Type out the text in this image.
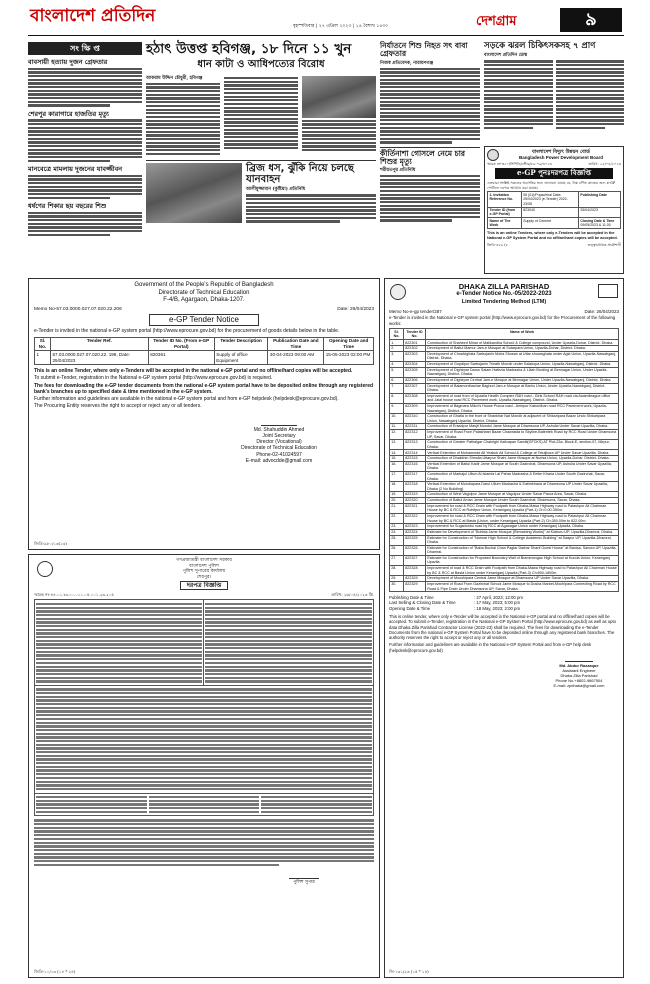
বাংলাদেশ প্রতিদিন
বৃহস্পতিবার | ২৭ এপ্রিল ২০২৩ | ১৪ বৈশাখ ১৪৩০	দেশগ্রাম	৯
সং ক্ষি প্ত
বাবসায়ী হত্যায় দুজন গ্রেফতার
শেরপুর কারাগারে হাজতির মৃত্যু
মানবেত্রে মামলায় দুজনের যাবজ্জীবন
ধর্ষণের শিকার ছয় বছরের শিশু
হঠাৎ উত্তপ্ত হবিগঞ্জ, ১৮ দিনে ১১ খুন
ধান কাটা ও আধিপত্যের বিরোধ
আকরাম উদ্দিন চৌধুরী, হবিগঞ্জ
ব্রিজ ধস, ঝুঁকি নিয়ে চলছে যানবাহন
আলীমুজ্জামান (কুষ্টিয়া) প্রতিনিধি
নির্যাতনে শিশু নিহত সৎ বাবা গ্রেফতার
নিজস্ব প্রতিবেদক, নারায়ণগঞ্জ
কীর্তিনাশা গোসলে নেমে চার শিশুর মৃত্যু
শরীয়তপুর প্রতিনিধি
সড়কে ঝরল চিকিৎসকসহ ৭ প্রাণ
বাংলাদেশ প্রতিদিন ডেস্ক
বাংলাদেশ বিদ্যুৎ উন্নয়ন বোর্ড
Bangladesh Power Development Board
স্মারক নং-৩২০/সিপিডি/স্টোর/৮৯-০৯/৩০২৩	তারিখ: ২৫/০৪/২০২৩
e-GP পুনঃদরপত্র বিজ্ঞপ্তি
এতদ্বারা সংশ্লিষ্ট সকলের অবগতির জন্য জানানো যাচ্ছে যে, নিম্ন বর্ণিত কাজের জন্য e-GP পোর্টালে দরপত্র আহ্বান করা যাচ্ছে।
1. Invitation Reference No.	08 (01)/Pupachha/ Date: 25/04/2023 (e-Tender) 2022-23/08	Publishing Date
Tender ID (from e-GP Portal)	823040	25/04/2023
Name of The Work	Supply of Cement	Closing Date & Time 09/05/2023 & 11.00
This is an online Tenders, where only e-Tenders will be accepted in the National e-GP System Portal and no offline/hard copies will be accepted.
জিডি-৪৮৯ (৮	তত্ত্বাবধায়ক প্রকৌশলী
Government of the People's Republic of Bangladesh
Directorate of Technical Education
F-4/B, Agargaon, Dhaka-1207.
Memo No-57.03.0000.027.07.020.22.206	Date: 26/04/2023
e-GP Tender Notice
e-Tender is invited in the national e-GP system portal (http://www.eprocure.gov.bd) for the procurement of goods details below in the table.
Sl. No.	Tender Ref.	Tender ID No. (From e-GP Portal)	Tender Description	Publication Date and Time	Opening Date and Time
1	57.03.0000.027.07.020.22. 199, Date: 25/04/2023	820361	Supply of office Equipment	30-04-2023 09:00 AM	15-05-2023 02:00 PM
This is an online Tender, where only e-Tenders will be accepted in the national e-GP portal and no offline/hard copies will be accepted.
To submit e-Tender, registration in the National e-GP system portal (http://www.eprocure.gov.bd) is required.
The fees for downloading the e-GP tender documents from the national e-GP system portal have to be deposited online through any registered bank's branches up to specified date & time mentioned in the e-GP system.
Further information and guidelines are available in the national e-GP system portal and from e-GP helpdesk (helpdesk@eprocure.gov.bd).
The Procuring Entity reserves the right to accept or reject any or all tenders.
Md. Shahuddin Ahmed
Joint Secretary
Director (Vocational)
Directorate of Technical Education
Phone-02-41024597
E-mail: advocdde@gmail.com
জিডি-৯৮০/১৩(১৩)
গণপ্রজাতন্ত্রী বাংলাদেশ সরকার
বাংলাদেশ পুলিশ
পুলিশ সুপারের কার্যালয়
শেরপুর।
দরপত্র বিজ্ঞপ্তি
স্মারক নং-৪৪.০১.৮৯০০.০১১.০৫.০০১.২৩.২০৫	তারিখ: ২৬/০৪/২০২৩ খ্রি.
পুলিশ সুপার
জিডি-১০/১৩ (১৪ * ২৪)
DHAKA ZILLA PARISHAD
e-Tender Notice No.-05/2022-2023
Limited Tendering Method (LTM)
Memo No-e-gp tender/287	Date: 26/04/2023
e-Tender is invited in the National e-GP system portal (http://www.eprocure.gov.bd) for the Procurement of the following works:
Sl. No.	Tender ID No.	Name of Work
1.	822301	Construction of Shaheed Minar of Malikandha School & College compound, Under Upazila-Dohar, District- Dhaka.
2.	822302	Development of Baitul Mamur Jam-e Mosque at Sutarpara Union, Upazila-Dohar, District- Dhaka.
3.	822303	Development of Chowkighata Sarbojanin Moha Shosan at Uttar showaghata under Agla Union, Upazila-Nawabganj, District- Dhaka.
4.	822304	Development of Gopalpur Sarbojanin Trinath Mondir under Kalakopa Union, Upazila-Nawabganj, District- Dhaka.
5.	822305	Development of Dighirpar Darus Salam Hafezia Madrasha & Lillah Bording at Bennagar Union, Under Upazila-Nawabganj, District- Dhaka.
6.	822306	Development of Dighirpar Central Jam-e Mosque at Bennagar Union, Under Upazila-Nawabganj, District- Dhaka.
7.	822307	Development of Balamonthachar Baghuri Jam-e Mosque at Barhu Union, Under Upazila-Nawabganj, District- Dhaka.
8.	822308	Improvement of road from of Upazila Health Complex R&H road - Girls School R&H road via Awamileague office and Jalal house road RCC Pavement work, Upazila-Nawabganj, District- Dhaka.
9.	822309	Improvement of Bagmara Milon's House Pucca road - Amirpur Kabordhan road RCC Pavement work, Upazila-Nawabganj, District- Dhaka.
10.	822310	Construction of Ghatla in the front of Shankhar Nat Mondir at adjacent of Shikaripara Bazar Undo Shikaripara Union, Nawabganj Upazila, District- Dhaka.
11.	822311	Construction of Ersadpur Masjit Mondol Jame Mosque at Dhamsona UP, Ashulia Under Savar Upazilla, Dhaka.
12.	822312	Improvement of Road From Palashbari Bazar Chawrasta to Skyline-Batentek Road by RCC Road Under Dhamsona UP, Savar, Dhaka.
13.	822313	Construction of Greater Pathalgar Chakrighi Kalivapan Samiti(GFCKS) AT Plot-23a, Block-E, section-07, Mirpur, Dhaka.
14.	822314	Vertical Extention of Mohammad Ali Yeakub Ali School & College at Tetuljhora UP Under Savar Upazilla, Dhaka.
15.	822315	Construction of Dhakkhin Simulia Uttarpur Shahi Jame Mosque at Nurisa Union, Upazila-Dohar, District- Dhaka.
16.	822316	Vertical Extention of Baitul Kadir Jame Mosque at South Gazirchat, Dhamsona UP, Ashulia Under Savar Upazilla, Dhaka.
17.	822317	Construction of Markajul Ullum Al Islamia Lal Pahar Madrasha & Eetim Khana Under South Gazirchat, Savar, Dhaka.
18.	822318	Vertical Extention of Mundiapara Darul Ullum Madrasha & Eatimkhana at Dhamsona UP Under Savar Upazilla, Dhaka (2 No Building).
19.	822319	Construction of West Vagolpur Jame Mosque at Vagolpur Under Savar Paura Area, Savar, Dhaka.
20.	822320	Construction of Baitul Aman Jame Mosque Under South Gazirchat, Dhamsona, Savar, Dhaka.
21.	822321	Improvement for road & RCC Drain with Footpath from Dhaka-Mawa Highway road to Palashpur Ali Chairman House by BC & RCC at Rohitpur Union, Keraniganj Upazila (Part-1) Ch:0.00-350m.
22.	822322	Improvement for road & RCC Drain with Footpath from Dhaka-Mawa Highway road to Palashpur Ali Chairman House by BC & RCC at Basta (Union, under Keraniganj Upazila (Part-2) Ch:350.00m to 622.00m.
23.	822323	Improvement for Sugadonbo road by RCC at Aganagar Union under Keraniganj Upazila, Dhaka.
24.	822324	Estimate for Development of "Bottola Jame Mosque (Remaining Works)" at Kiaburu UP, Upazilla-Dhamrai, Dhaka.
25.	822325	Estimate for Construction of "Nannar High School & College Academic Building" at Saapur UP, Upazilla-Dhamrai, Dhaka.
26.	822326	Estimate for Construction of "Baba Buchai Chan Paglar Darbar Sharif Guest House" at Banisa, Sanora UP, Upazilla-Dhamrai.
27.	822327	Estimate for Construction for Proposed Boundary Wall of Brammongao High School at Kunda Union, Keraniganj Upazila.
28.	822328	Improvement of road & RCC Drain with Footpath from Dhaka-Mawa Highway road to Palashpur Ali Chairman House by BC & RCC at Basta Union under Keraniganj Upazila (Part-3) Ch:800-1600m.
29.	822329	Development of Moushipara Central Jame Mosque at Dhamsona UP Under Savar Upazilla, Dhaka.
30.	822329	Improvement of Road From Gazirchat School Jame Mosque to Dusha Market-Mouhipara Connecting Road by RCC Road & Pipe Drain Under Dhamsona UP, Savar, Dhaka.
Publishing Date & Time	: 27 April, 2023; 12:00 pm
Last Selling & Closing Date & Time	: 17 May, 2023; 5:00 pm
Opening Date & Time	: 18 May, 2023; 2:00 pm
This is online tender, where only e-Tender will be accepted in the National e-GP portal and no offline/hard copies will be accepted. To submit e-Tender, registration in the National e-GP System Portal (http://www.eprocure.gov.bd) as well as upto data Dhaka Zilla Parishad Contractor License (2022-23) shall be required. The fees for downloading the e-Tender Documents from the national e-GP System Portal have to be deposited online through any registered bank branches. The authority reserves the right to accept or reject any or all tenders.
Further information and guidelines are available in the National e-GP System Portal and from e-GP help desk (helpdesk@eprocure.gov.bd)
Md. Abdur Razzaque
Assistant Engineer
Dhaka Zilla Parishad
Phone No.+8802-9867504
E-mail: zpdhaka@gmail.com
জি-১৩১/২৩ (১৫ * ১৪)
